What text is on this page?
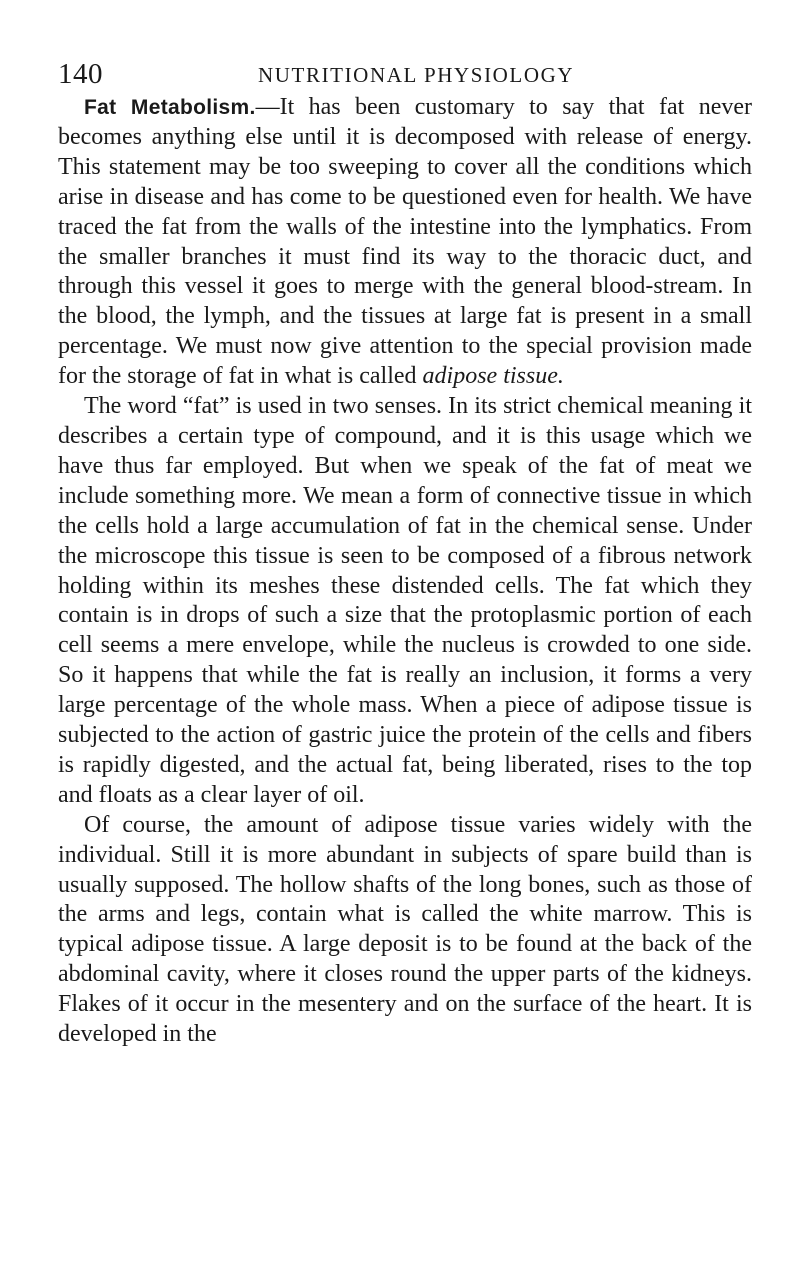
140	NUTRITIONAL PHYSIOLOGY

Fat Metabolism.—It has been customary to say that fat never becomes anything else until it is decomposed with release of energy. This statement may be too sweeping to cover all the conditions which arise in disease and has come to be questioned even for health. We have traced the fat from the walls of the intestine into the lymphatics. From the smaller branches it must find its way to the thoracic duct, and through this vessel it goes to merge with the general blood-stream. In the blood, the lymph, and the tissues at large fat is present in a small percentage. We must now give attention to the special provision made for the storage of fat in what is called adipose tissue.

The word “fat” is used in two senses. In its strict chemical meaning it describes a certain type of compound, and it is this usage which we have thus far employed. But when we speak of the fat of meat we include something more. We mean a form of connective tissue in which the cells hold a large accumulation of fat in the chemical sense. Under the microscope this tissue is seen to be composed of a fibrous network holding within its meshes these distended cells. The fat which they contain is in drops of such a size that the protoplasmic portion of each cell seems a mere envelope, while the nucleus is crowded to one side. So it happens that while the fat is really an inclusion, it forms a very large percentage of the whole mass. When a piece of adipose tissue is subjected to the action of gastric juice the protein of the cells and fibers is rapidly digested, and the actual fat, being liberated, rises to the top and floats as a clear layer of oil.

Of course, the amount of adipose tissue varies widely with the individual. Still it is more abundant in subjects of spare build than is usually supposed. The hollow shafts of the long bones, such as those of the arms and legs, contain what is called the white marrow. This is typical adipose tissue. A large deposit is to be found at the back of the abdominal cavity, where it closes round the upper parts of the kidneys. Flakes of it occur in the mesentery and on the surface of the heart. It is developed in the
